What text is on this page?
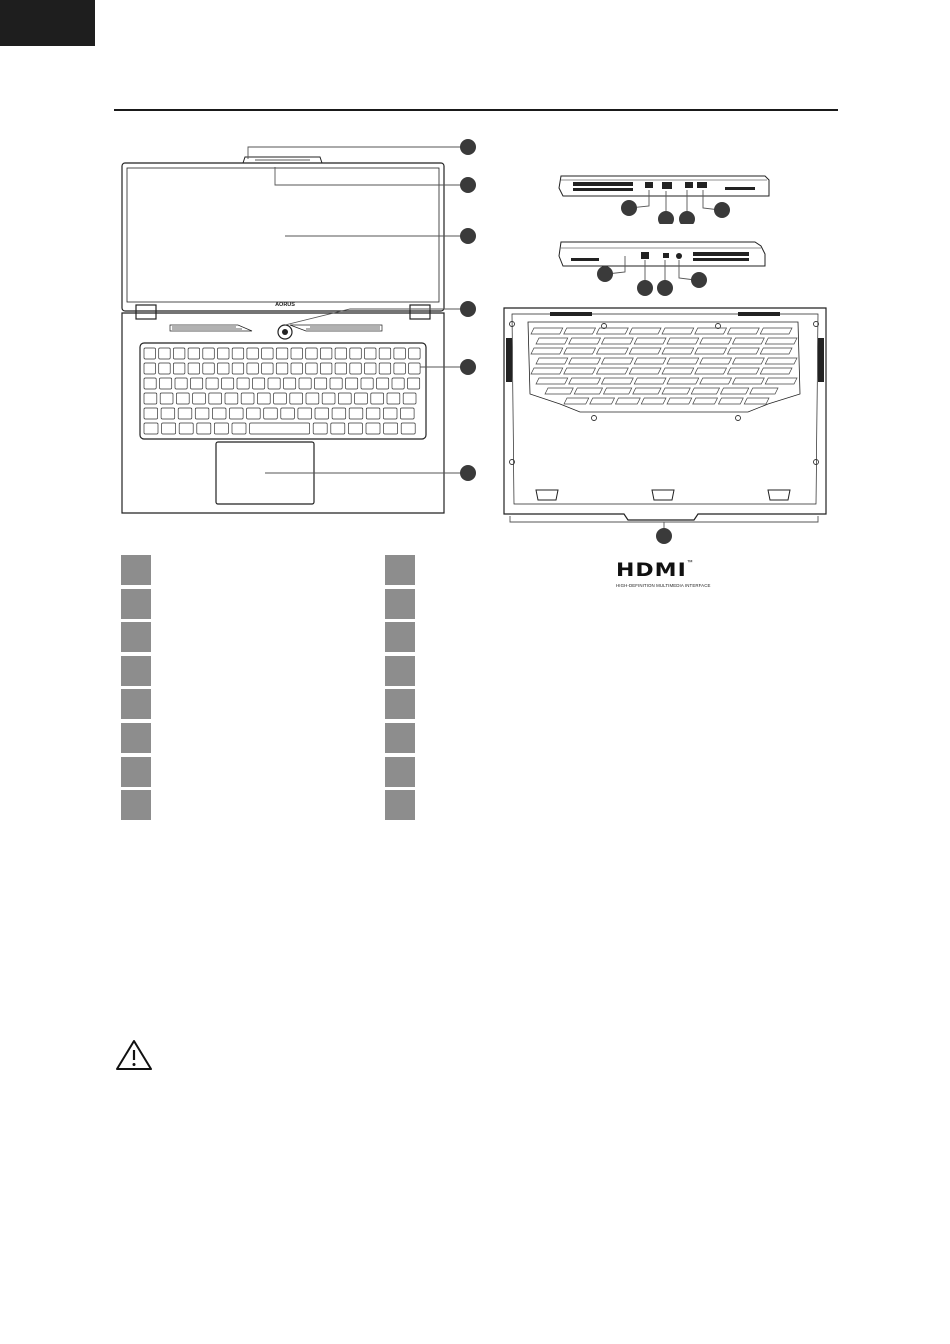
AORUS
HDMI™
HIGH-DEFINITION MULTIMEDIA INTERFACE
